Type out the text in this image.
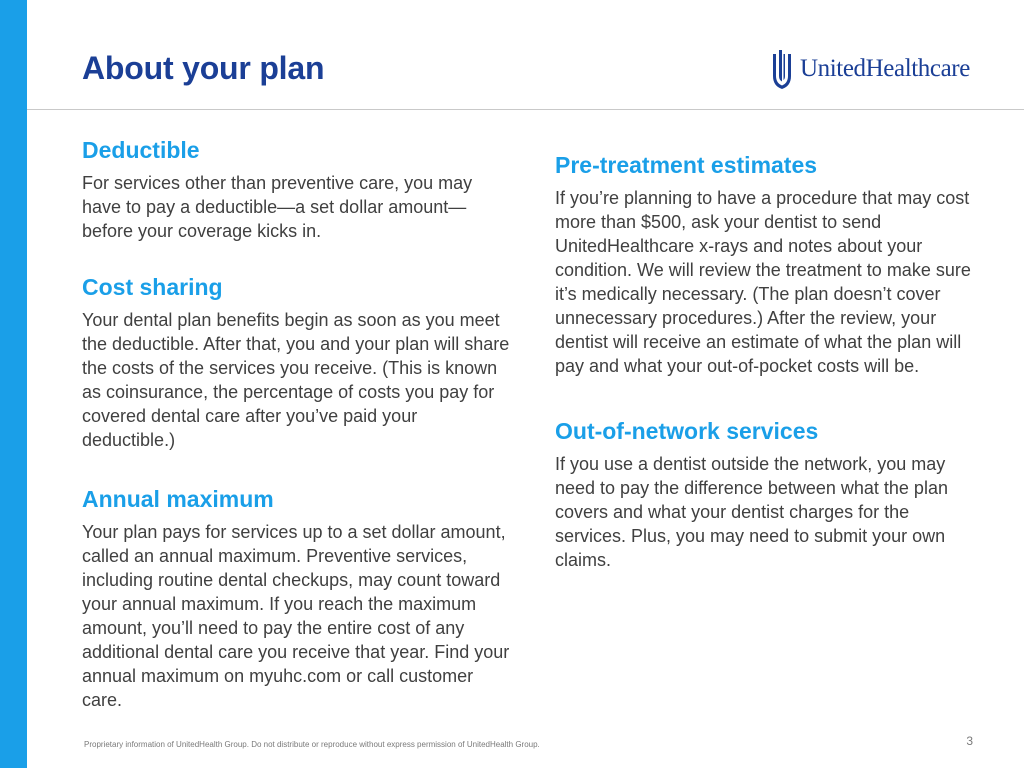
About your plan	UnitedHealthcare
Deductible

For services other than preventive care, you may have to pay a deductible—a set dollar amount—before your coverage kicks in.

Cost sharing

Your dental plan benefits begin as soon as you meet the deductible. After that, you and your plan will share the costs of the services you receive. (This is known as coinsurance, the percentage of costs you pay for covered dental care after you’ve paid your deductible.)

Annual maximum

Your plan pays for services up to a set dollar amount, called an annual maximum. Preventive services, including routine dental checkups, may count toward your annual maximum. If you reach the maximum amount, you’ll need to pay the entire cost of any additional dental care you receive that year. Find your annual maximum on myuhc.com or call customer care.

Pre-treatment estimates

If you’re planning to have a procedure that may cost more than $500, ask your dentist to send UnitedHealthcare x-rays and notes about your condition. We will review the treatment to make sure it’s medically necessary. (The plan doesn’t cover unnecessary procedures.) After the review, your dentist will receive an estimate of what the plan will pay and what your out-of-pocket costs will be.

Out-of-network services

If you use a dentist outside the network, you may need to pay the difference between what the plan covers and what your dentist charges for the services. Plus, you may need to submit your own claims.

Proprietary information of UnitedHealth Group. Do not distribute or reproduce without express permission of UnitedHealth Group.	3
